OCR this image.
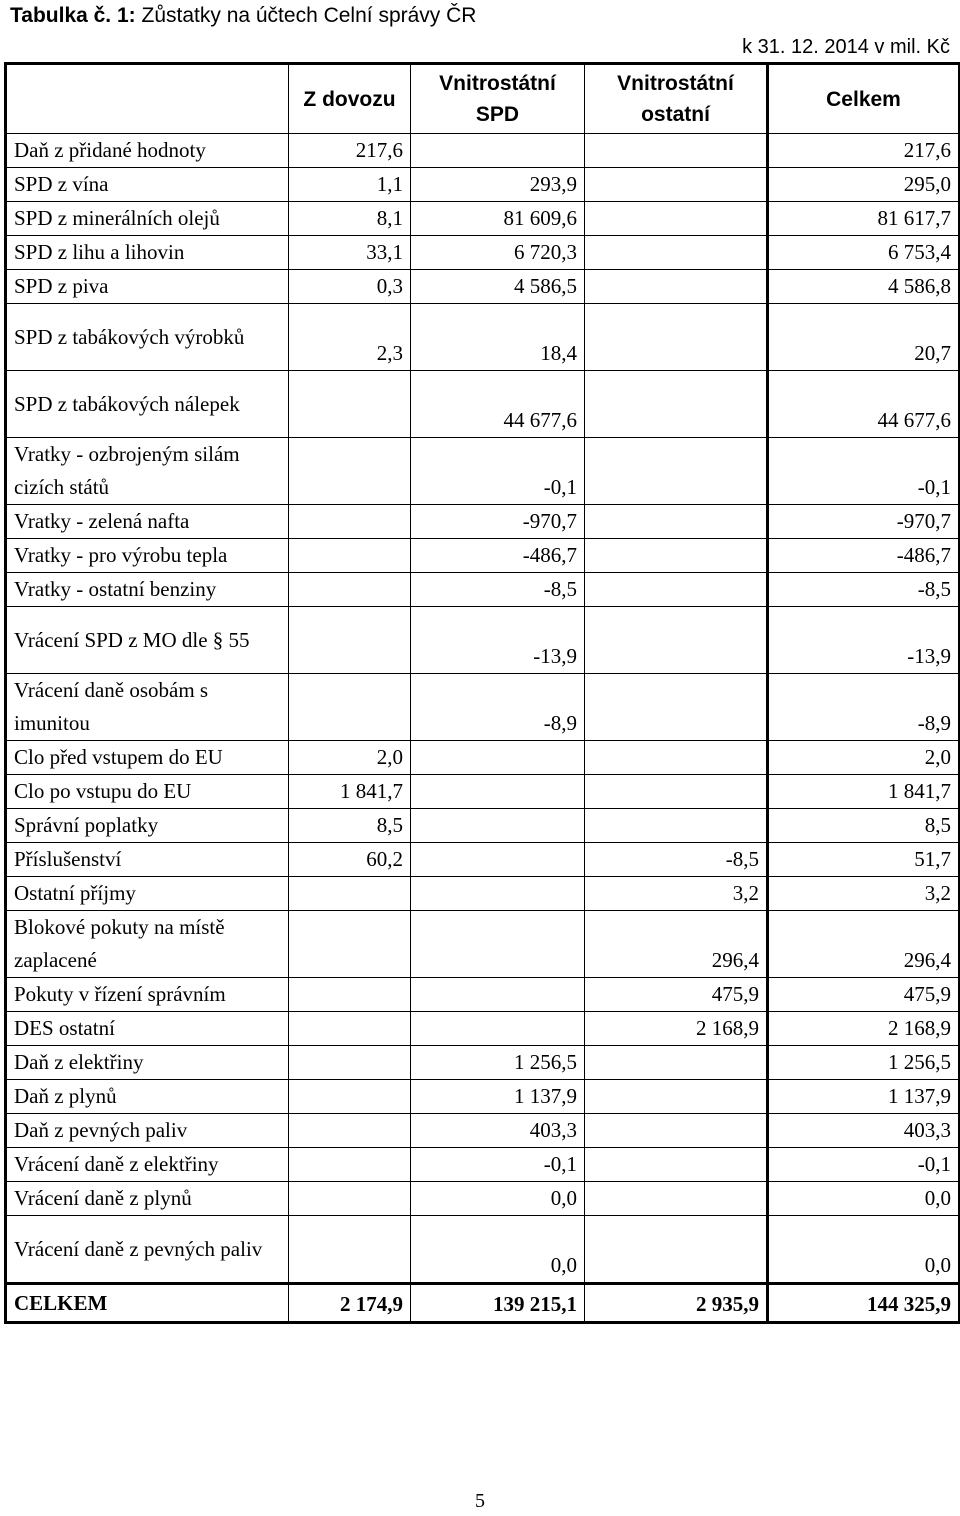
Tabulka č. 1: Zůstatky na účtech Celní správy ČR
k 31. 12. 2014 v mil. Kč
	Z dovozu	Vnitrostátní SPD	Vnitrostátní ostatní	Celkem
Daň z přidané hodnoty	217,6			217,6
SPD z vína	1,1	293,9		295,0
SPD z minerálních olejů	8,1	81 609,6		81 617,7
SPD z lihu a lihovin	33,1	6 720,3		6 753,4
SPD z piva	0,3	4 586,5		4 586,8
SPD z tabákových výrobků	2,3	18,4		20,7
SPD z tabákových nálepek		44 677,6		44 677,6
Vratky - ozbrojeným silám cizích států		-0,1		-0,1
Vratky - zelená nafta		-970,7		-970,7
Vratky - pro výrobu tepla		-486,7		-486,7
Vratky - ostatní benziny		-8,5		-8,5
Vrácení SPD z MO dle § 55		-13,9		-13,9
Vrácení daně osobám s imunitou		-8,9		-8,9
Clo před vstupem do EU	2,0			2,0
Clo po vstupu do EU	1 841,7			1 841,7
Správní poplatky	8,5			8,5
Příslušenství	60,2		-8,5	51,7
Ostatní příjmy			3,2	3,2
Blokové pokuty na místě zaplacené			296,4	296,4
Pokuty v řízení správním			475,9	475,9
DES ostatní			2 168,9	2 168,9
Daň z elektřiny		1 256,5		1 256,5
Daň z plynů		1 137,9		1 137,9
Daň z pevných paliv		403,3		403,3
Vrácení daně z elektřiny		-0,1		-0,1
Vrácení daně z plynů		0,0		0,0
Vrácení daně z pevných paliv		0,0		0,0
CELKEM	2 174,9	139 215,1	2 935,9	144 325,9
5
